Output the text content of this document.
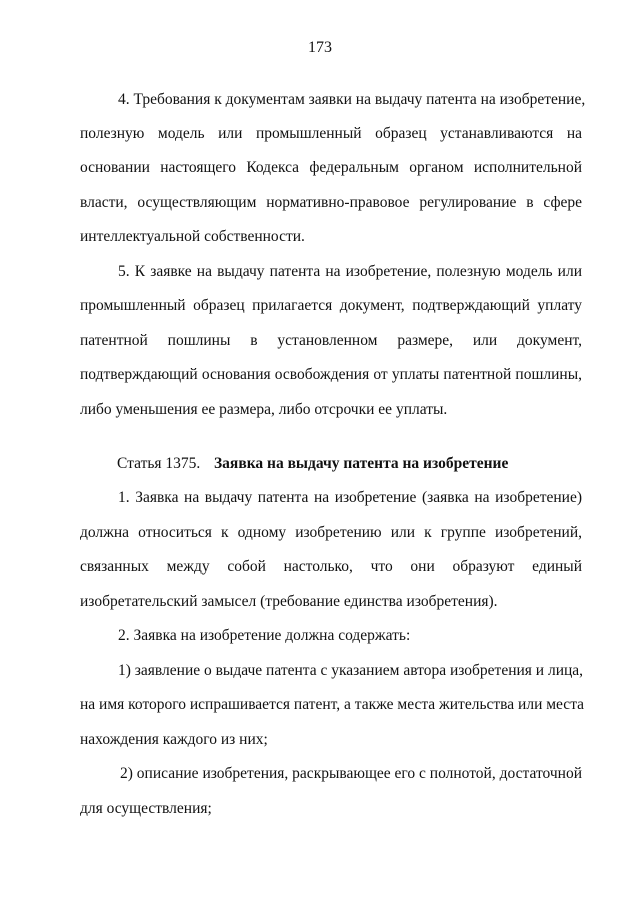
173
4. Требования к документам заявки на выдачу патента на изобретение,
полезную модель или промышленный образец устанавливаются на
основании настоящего Кодекса федеральным органом исполнительной
власти, осуществляющим нормативно-правовое регулирование в сфере
интеллектуальной собственности.
5. К заявке на выдачу патента на изобретение, полезную модель или
промышленный образец прилагается документ, подтверждающий уплату
патентной пошлины в установленном размере, или документ,
подтверждающий основания освобождения от уплаты патентной пошлины,
либо уменьшения ее размера, либо отсрочки ее уплаты.
Статья 1375. Заявка на выдачу патента на изобретение
1. Заявка на выдачу патента на изобретение (заявка на изобретение)
должна относиться к одному изобретению или к группе изобретений,
связанных между собой настолько, что они образуют единый
изобретательский замысел (требование единства изобретения).
2. Заявка на изобретение должна содержать:
1) заявление о выдаче патента с указанием автора изобретения и лица,
на имя которого испрашивается патент, а также места жительства или места
нахождения каждого из них;
2) описание изобретения, раскрывающее его с полнотой, достаточной
для осуществления;
